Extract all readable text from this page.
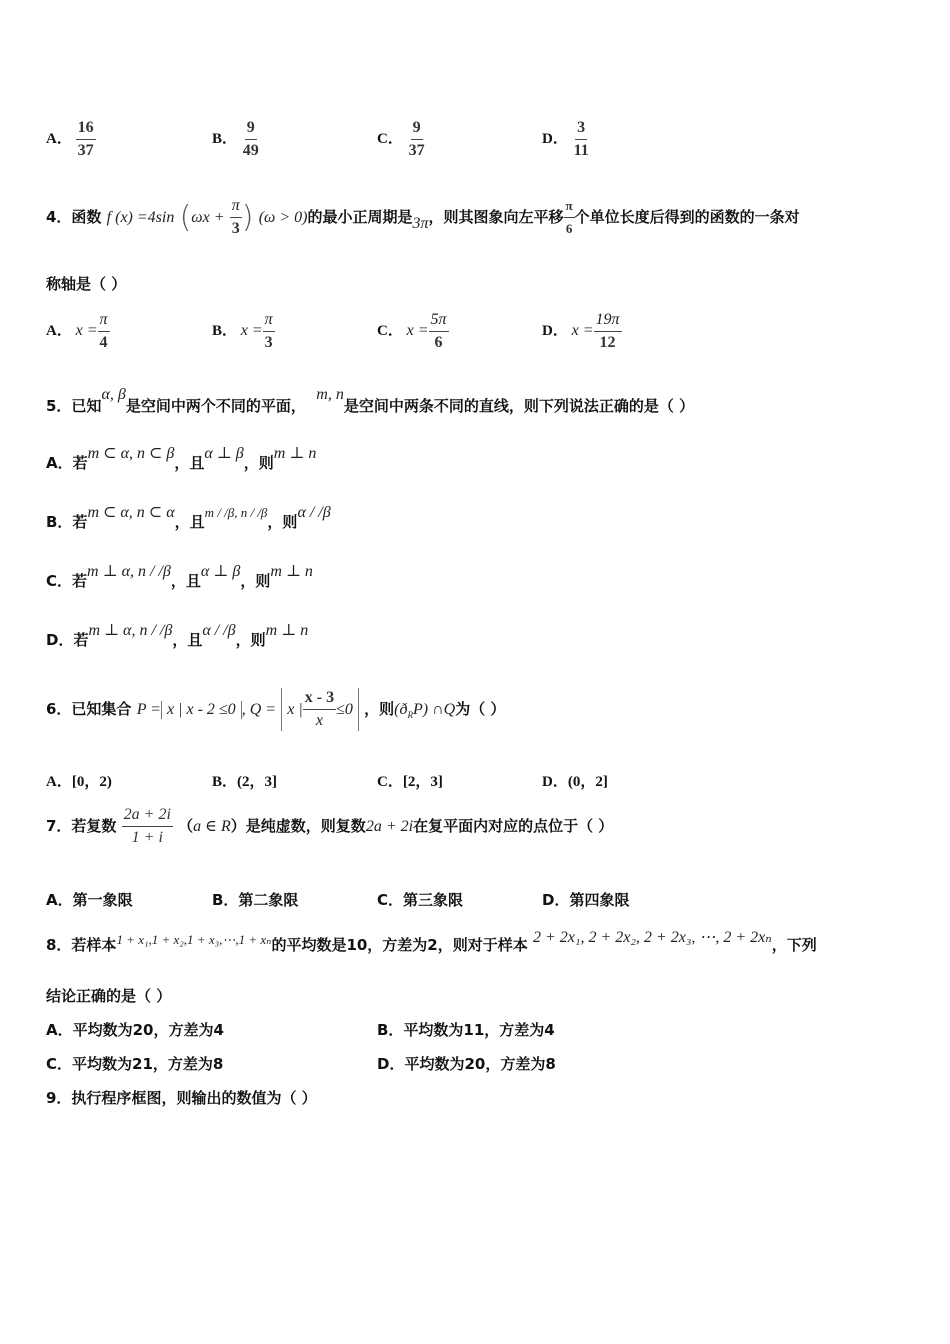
A． $\frac{16}{37}$	B． $\frac{9}{49}$	C． $\frac{9}{37}$	D． $\frac{3}{11}$
4．函数 f (x) =4sin ($\omega x + \frac{\pi}{3}$ ) (ω > 0)的最小正周期是3π，则其图象向左平移 $\frac{\pi}{6}$ 个单位长度后得到的函数的一条对
称轴是（ ）
A． $x = \frac{\pi}{4}$	B． $x = \frac{\pi}{3}$	C． $x = \frac{5\pi}{6}$	D． $x = \frac{19\pi}{12}$
5．已知α, β是空间中两个不同的平面，  m, n是空间中两条不同的直线，则下列说法正确的是（ ）
A．若m ⊂ α, n ⊂ β，且α ⊥ β，则m ⊥ n
B．若m ⊂ α, n ⊂ α，且m / /β, n / /β，则α / /β
C．若m ⊥ α, n / /β，且α ⊥ β，则m ⊥ n
D．若m ⊥ α, n / /β，且α / /β，则m ⊥ n
6．已知集合 P = x | x - 2 ≤0 , Q = x | $\frac{x - 3}{x} \le 0$ ，则$(ð_RP)$ ∩Q为（ ）
A．[0，2)	B．(2，3]	C．[2，3]	D．(0，2]
7．若复数 $\frac{2a + 2i}{1 + i} (a$ ∈ R）是纯虚数，则复数2a + 2i在复平面内对应的点位于（ ）
A．第一象限	B．第二象限	C．第三象限	D．第四象限
8．若样本1 + x₁,1 + x₂,1 + x₃,⋯,1 + xₙ的平均数是10，方差为2，则对于样本 2 + 2x₁, 2 + 2x₂, 2 + 2x₃, ⋯, 2 + 2xₙ，下列
结论正确的是（ ）
A．平均数为20，方差为4	B．平均数为11，方差为4
C．平均数为21，方差为8	D．平均数为20，方差为8
9．执行程序框图，则输出的数值为（ ）
